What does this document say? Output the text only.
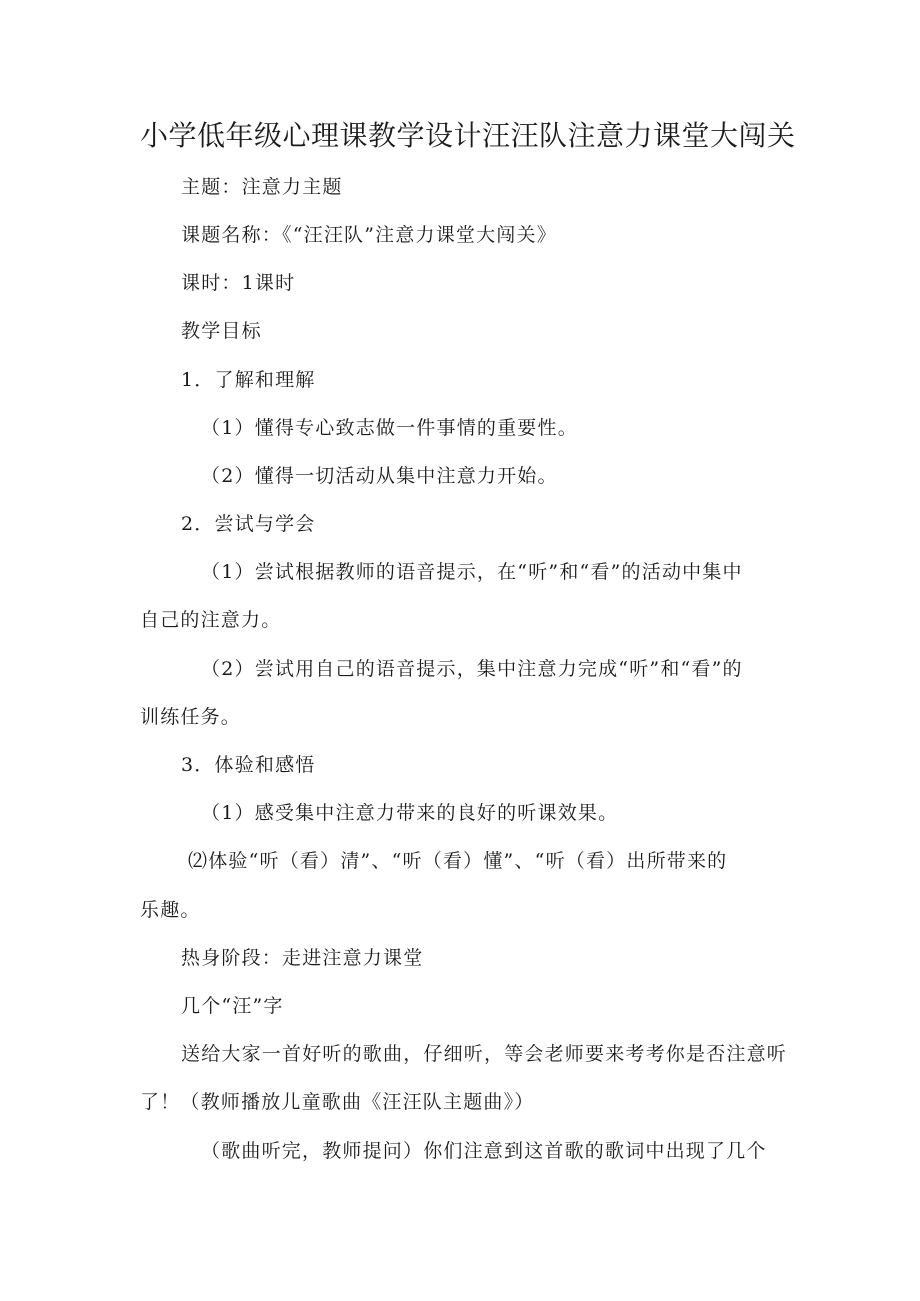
小学低年级心理课教学设计汪汪队注意力课堂大闯关

主题：注意力主题

课题名称：《“汪汪队”注意力课堂大闯关》

课时：1课时

教学目标

1．了解和理解

（1）懂得专心致志做一件事情的重要性。

（2）懂得一切活动从集中注意力开始。

2．尝试与学会

（1）尝试根据教师的语音提示，在“听”和“看”的活动中集中

自己的注意力。

（2）尝试用自己的语音提示，集中注意力完成“听”和“看”的

训练任务。

3．体验和感悟

（1）感受集中注意力带来的良好的听课效果。

⑵体验“听（看）清”、“听（看）懂”、“听（看）出所带来的

乐趣。

热身阶段：走进注意力课堂

几个“汪”字

送给大家一首好听的歌曲，仔细听，等会老师要来考考你是否注意听

了！（教师播放儿童歌曲《汪汪队主题曲》）

（歌曲听完，教师提问）你们注意到这首歌的歌词中出现了几个
